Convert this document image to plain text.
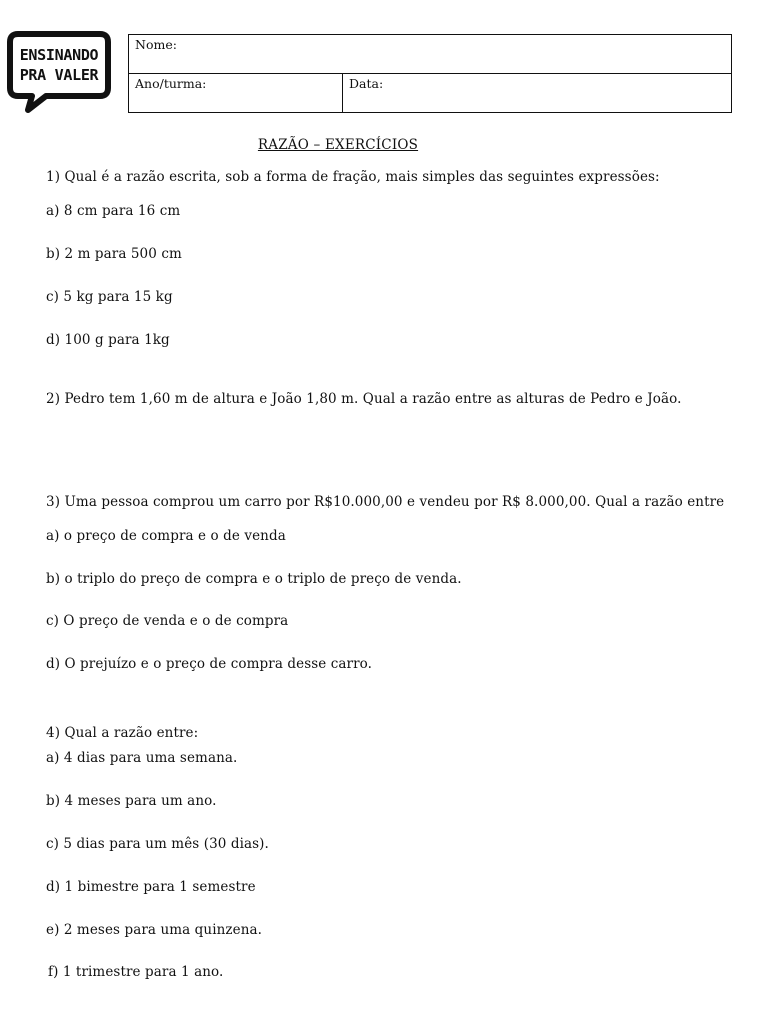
ENSINANDO
PRA VALER
Nome:
Ano/turma:	Data:
RAZÃO – EXERCÍCIOS
1) Qual é a razão escrita, sob a forma de fração, mais simples das seguintes expressões:
a) 8 cm para 16 cm
b) 2 m para 500 cm
c) 5 kg para 15 kg
d) 100 g para 1kg
2) Pedro tem 1,60 m de altura e João 1,80 m. Qual a razão entre as alturas de Pedro e João.
3) Uma pessoa comprou um carro por R$10.000,00 e vendeu por R$ 8.000,00. Qual a razão entre
a) o preço de compra e o de venda
b) o triplo do preço de compra e o triplo de preço de venda.
c) O preço de venda e o de compra
d) O prejuízo e o preço de compra desse carro.
4) Qual a razão entre:
a) 4 dias para uma semana.
b) 4 meses para um ano.
c) 5 dias para um mês (30 dias).
d) 1 bimestre para 1 semestre
e) 2 meses para uma quinzena.
f) 1 trimestre para 1 ano.
